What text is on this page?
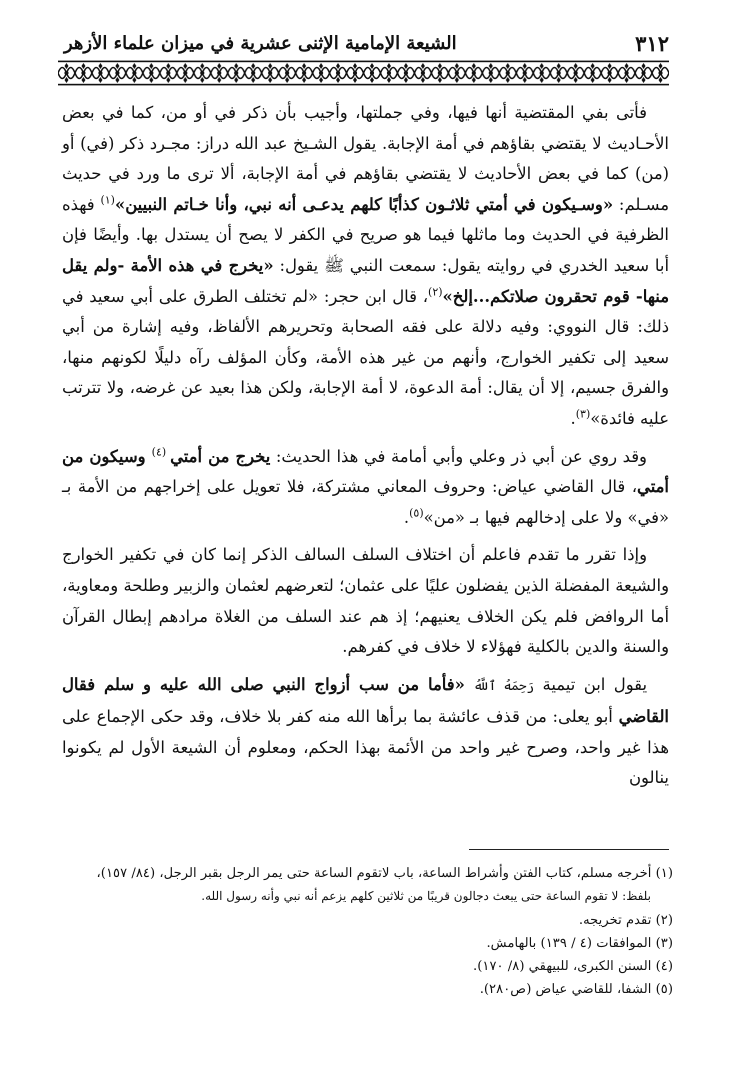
٣١٢
الشيعة الإمامية الإثنى عشرية في ميزان علماء الأزهر

فأتى بفي المقتضية أنها فيها، وفي جملتها، وأجيب بأن ذكر في أو من، كما في بعض الأحـاديث لا يقتضي بقاؤهم في أمة الإجابة. يقول الشـيخ عبد الله دراز: مجـرد ذكر (في) أو (من) كما في بعض الأحاديث لا يقتضي بقاؤهم في أمة الإجابة، ألا ترى ما ورد في حديث مسـلم: «وسـيكون في أمتي ثلاثـون كذأبًا كلهم يدعـى أنه نبي، وأنا خـاتم النبيين»$^{(١)}$ فهذه الظرفية في الحديث وما ماثلها فيما هو صريح في الكفر لا يصح أن يستدل بها. وأيضًا فإن أبا سعيد الخدري في روايته يقول: سمعت النبي ﷺ يقول: «يخرج في هذه الأمة -ولم يقل منها- قوم تحقرون صلاتكم...إلخ»$^{(٢)}$، قال ابن حجر: «لم تختلف الطرق على أبي سعيد في ذلك: قال النووي: وفيه دلالة على فقه الصحابة وتحريرهم الألفاظ، وفيه إشارة من أبي سعيد إلى تكفير الخوارج، وأنهم من غير هذه الأمة، وكأن المؤلف رآه دليلًا لكونهم منها، والفرق جسيم، إلا أن يقال: أمة الدعوة، لا أمة الإجابة، ولكن هذا بعيد عن غرضه، ولا تترتب عليه فائدة»$^{(٣)}$.

وقد روي عن أبي ذر وعلي وأبي أمامة في هذا الحديث: يخرج من أمتي $^{(٤)}$ وسيكون من أمتي، قال القاضي عياض: وحروف المعاني مشتركة، فلا تعويل على إخراجهم من الأمة بـ «في» ولا على إدخالهم فيها بـ «من»$^{(٥)}$.

وإذا تقرر ما تقدم فاعلم أن اختلاف السلف السالف الذكر إنما كان في تكفير الخوارج والشيعة المفضلة الذين يفضلون عليًا على عثمان؛ لتعرضهم لعثمان والزبير وطلحة ومعاوية، أما الروافض فلم يكن الخلاف يعنيهم؛ إذ هم عند السلف من الغلاة مرادهم إبطال القرآن والسنة والدين بالكلية فهؤلاء لا خلاف في كفرهم.

يقول ابن تيمية رَحِمَهُ ٱللَّهُ «فأما من سب أزواج النبي صلى الله عليه و سلم فقال القاضي أبو يعلى: من قذف عائشة بما برأها الله منه كفر بلا خلاف، وقد حكى الإجماع على هذا غير واحد، وصرح غير واحد من الأئمة بهذا الحكم، ومعلوم أن الشيعة الأول لم يكونوا ينالون

(١) أخرجه مسلم، كتاب الفتن وأشراط الساعة، باب لاتقوم الساعة حتى يمر الرجل بقبر الرجل، (٨٤/ ١٥٧)،

بلفظ: لا تقوم الساعة حتى يبعث دجالون قريبًا من ثلاثين كلهم يزعم أنه نبي وأنه رسول الله.

(٢) تقدم تخريجه.

(٣) الموافقات (٤ / ١٣٩) بالهامش.

(٤) السنن الكبرى، للبيهقي (٨/ ١٧٠).

(٥) الشفا، للقاضي عياض (ص٢٨٠).
